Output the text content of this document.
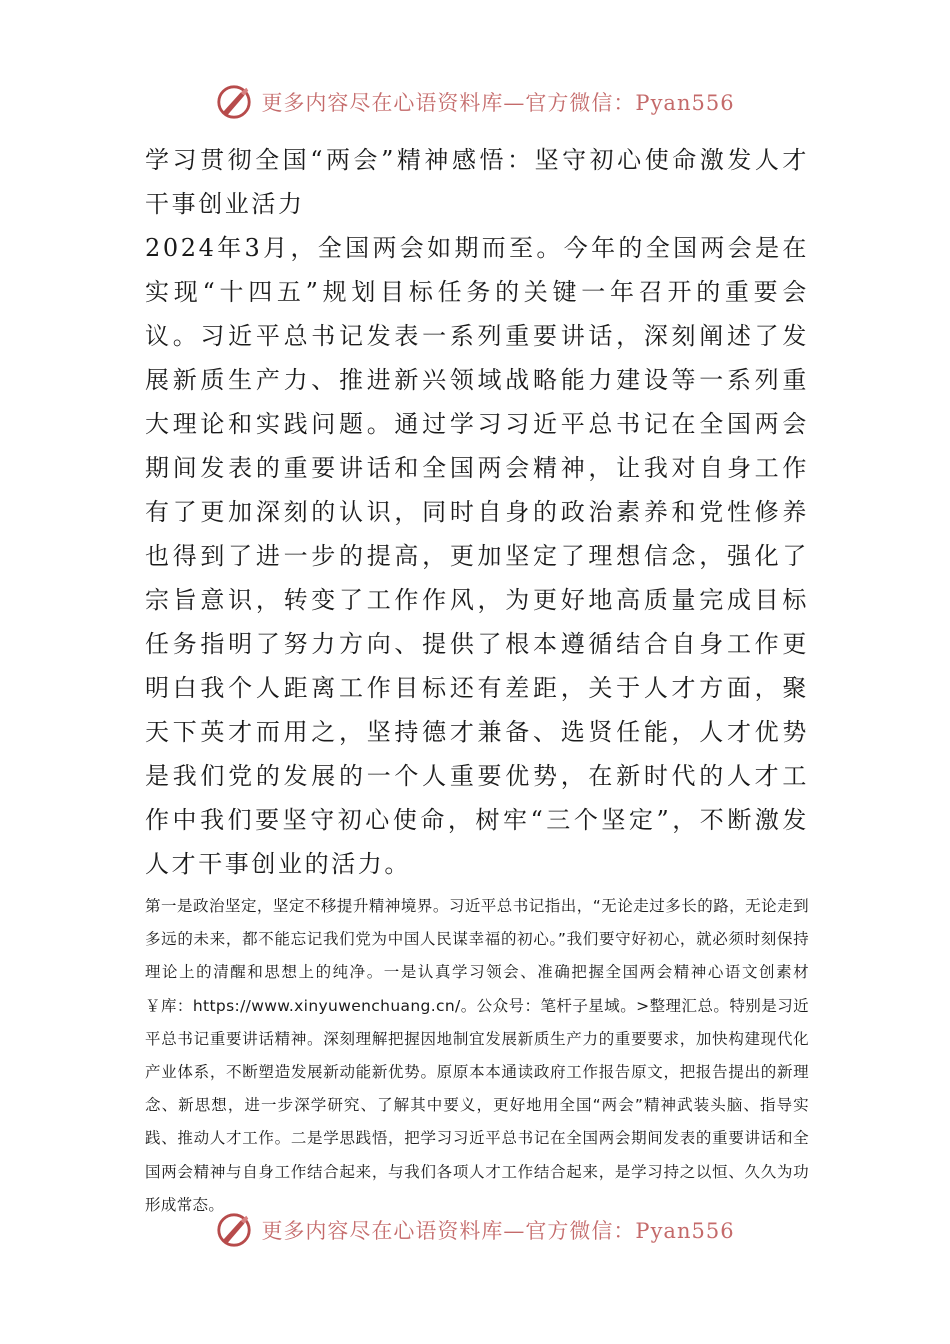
更多内容尽在心语资料库—官方微信：Pyan556

学习贯彻全国“两会”精神感悟：坚守初心使命激发人才干事创业活力

2024年3月，全国两会如期而至。今年的全国两会是在实现“十四五”规划目标任务的关键一年召开的重要会议。习近平总书记发表一系列重要讲话，深刻阐述了发展新质生产力、推进新兴领域战略能力建设等一系列重大理论和实践问题。通过学习习近平总书记在全国两会期间发表的重要讲话和全国两会精神，让我对自身工作有了更加深刻的认识，同时自身的政治素养和党性修养也得到了进一步的提高，更加坚定了理想信念，强化了宗旨意识，转变了工作作风，为更好地高质量完成目标任务指明了努力方向、提供了根本遵循结合自身工作更明白我个人距离工作目标还有差距，关于人才方面，聚天下英才而用之，坚持德才兼备、选贤任能，人才优势是我们党的发展的一个人重要优势，在新时代的人才工作中我们要坚守初心使命，树牢“三个坚定”，不断激发人才干事创业的活力。

第一是政治坚定，坚定不移提升精神境界。习近平总书记指出，“无论走过多长的路，无论走到多远的未来，都不能忘记我们党为中国人民谋幸福的初心。”我们要守好初心，就必须时刻保持理论上的清醒和思想上的纯净。一是认真学习领会、准确把握全国两会精神心语文创素材￥库：https://www.xinyuwenchuang.cn/。公众号：笔杆子星域。>整理汇总。特别是习近平总书记重要讲话精神。深刻理解把握因地制宜发展新质生产力的重要要求，加快构建现代化产业体系，不断塑造发展新动能新优势。原原本本通读政府工作报告原文，把报告提出的新理念、新思想，进一步深学研究、了解其中要义，更好地用全国“两会”精神武装头脑、指导实践、推动人才工作。二是学思践悟，把学习习近平总书记在全国两会期间发表的重要讲话和全国两会精神与自身工作结合起来，与我们各项人才工作结合起来，是学习持之以恒、久久为功形成常态。

更多内容尽在心语资料库—官方微信：Pyan556
